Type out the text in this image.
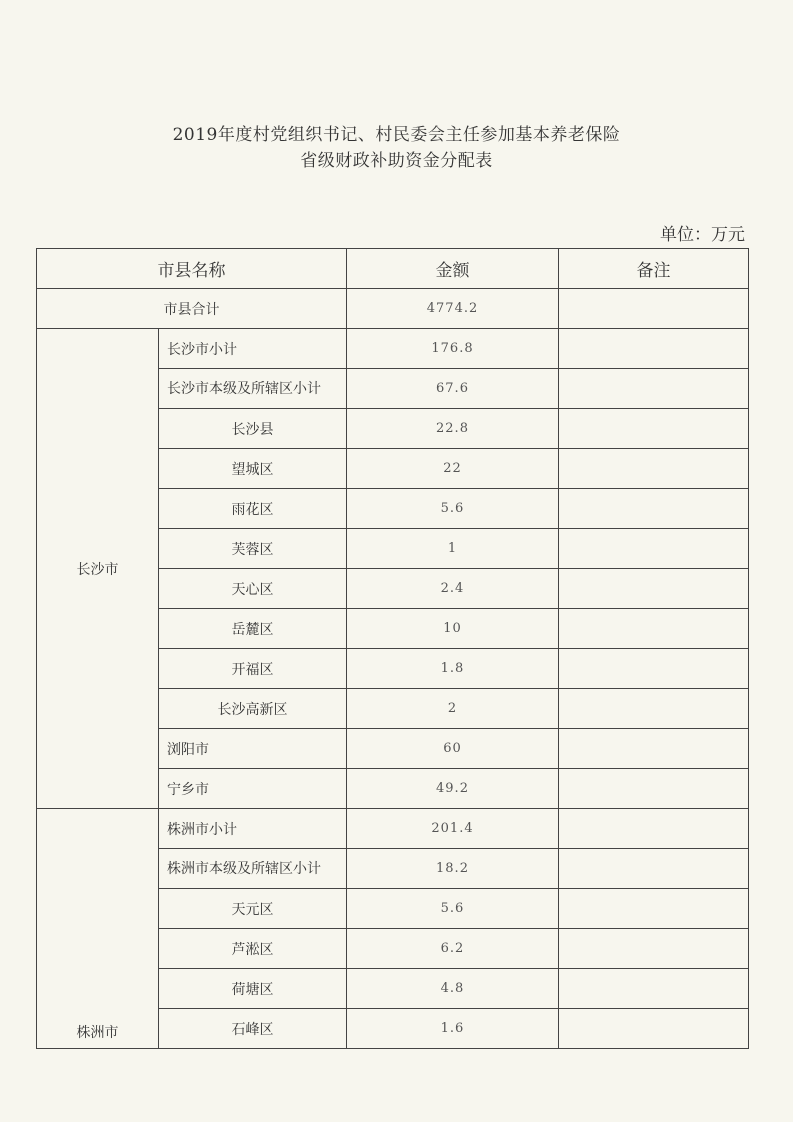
2019年度村党组织书记、村民委会主任参加基本养老保险
省级财政补助资金分配表
单位：万元
市县名称		金额	备注
市县合计		4774.2	
长沙市	长沙市小计	176.8	
	长沙市本级及所辖区小计	67.6	
	长沙县	22.8	
	望城区	22	
	雨花区	5.6	
	芙蓉区	1	
	天心区	2.4	
	岳麓区	10	
	开福区	1.8	
	长沙高新区	2	
	浏阳市	60	
	宁乡市	49.2	
株洲市	株洲市小计	201.4	
	株洲市本级及所辖区小计	18.2	
	天元区	5.6	
	芦淞区	6.2	
	荷塘区	4.8	
	石峰区	1.6	
